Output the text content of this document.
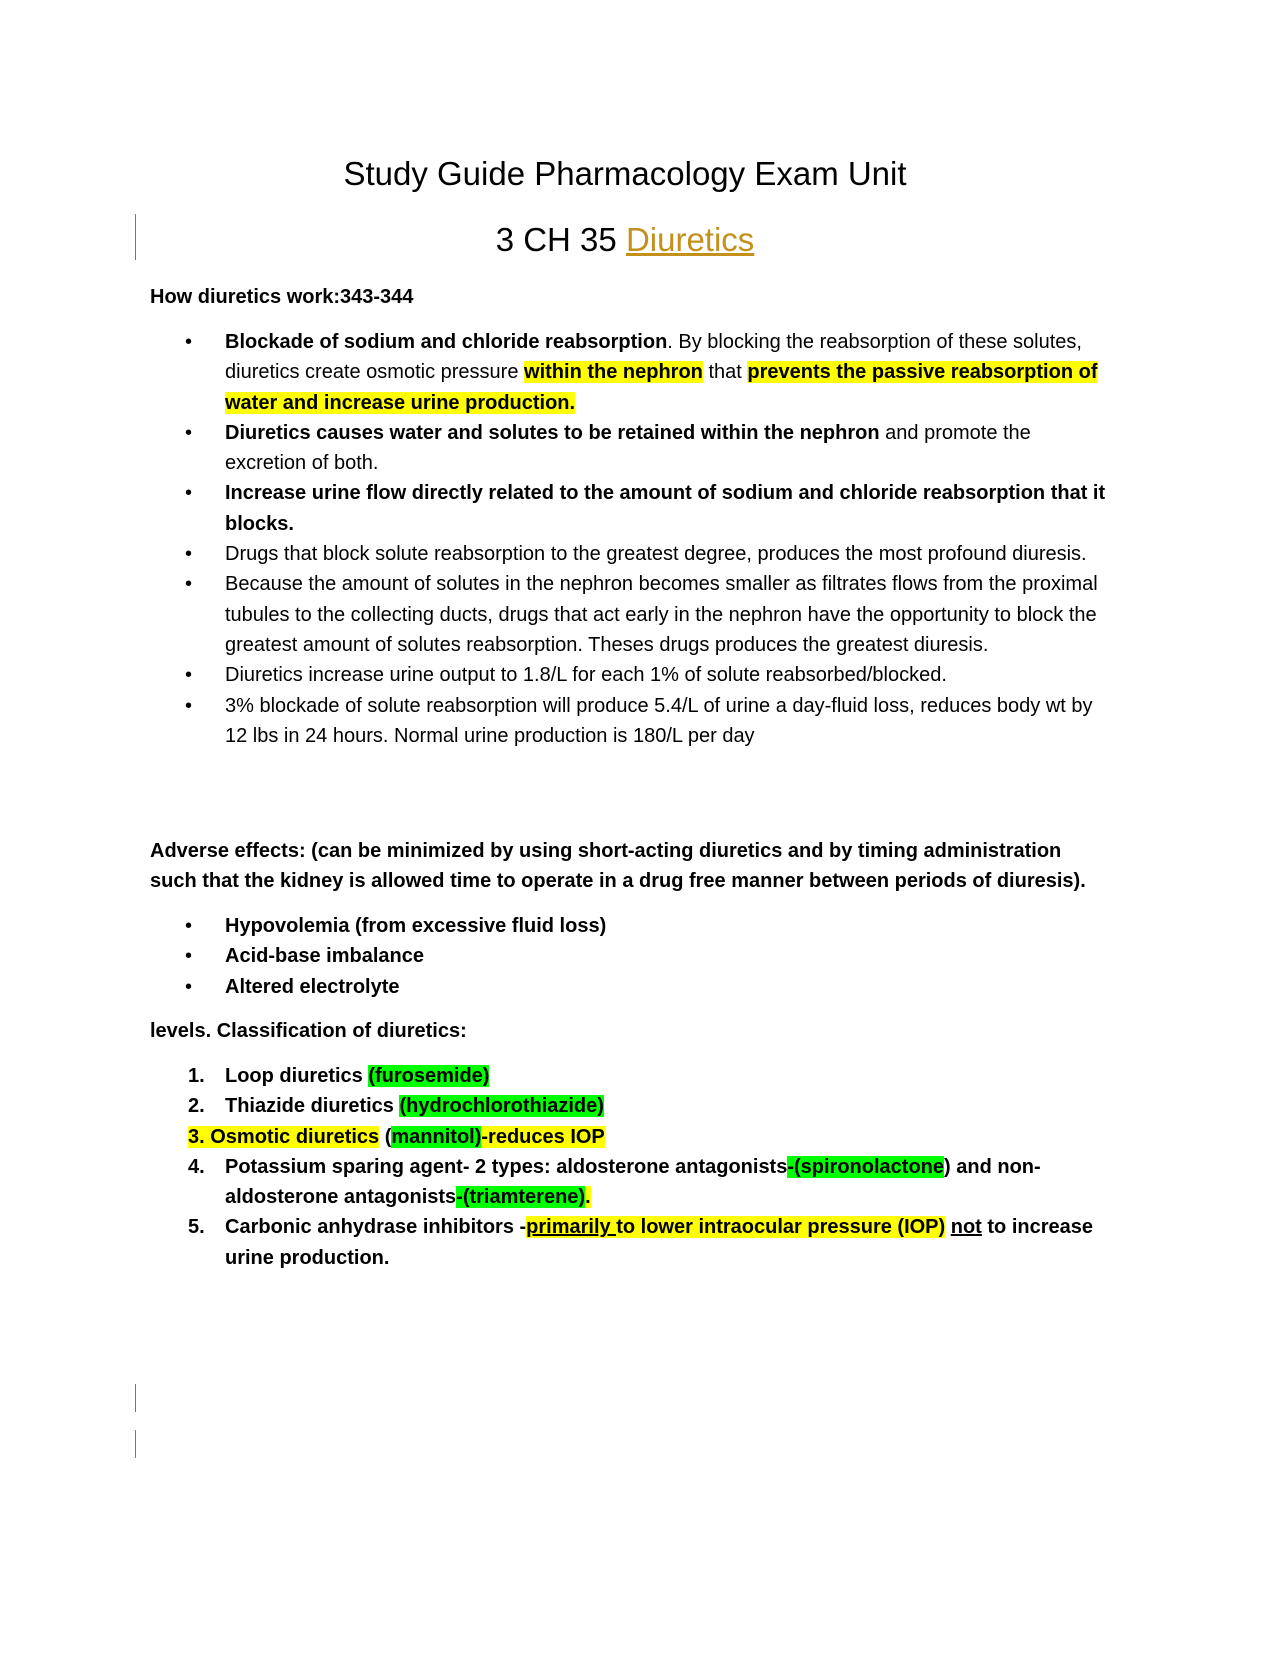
Study Guide Pharmacology Exam Unit
3 CH 35 Diuretics
How diuretics work:343-344
• Blockade of sodium and chloride reabsorption. By blocking the reabsorption of these solutes, diuretics create osmotic pressure within the nephron that prevents the passive reabsorption of water and increase urine production.
• Diuretics causes water and solutes to be retained within the nephron and promote the excretion of both.
• Increase urine flow directly related to the amount of sodium and chloride reabsorption that it blocks.
• Drugs that block solute reabsorption to the greatest degree, produces the most profound diuresis.
• Because the amount of solutes in the nephron becomes smaller as filtrates flows from the proximal tubules to the collecting ducts, drugs that act early in the nephron have the opportunity to block the greatest amount of solutes reabsorption. Theses drugs produces the greatest diuresis.
• Diuretics increase urine output to 1.8/L for each 1% of solute reabsorbed/blocked.
• 3% blockade of solute reabsorption will produce 5.4/L of urine a day-fluid loss, reduces body wt by 12 lbs in 24 hours. Normal urine production is 180/L per day
Adverse effects: (can be minimized by using short-acting diuretics and by timing administration such that the kidney is allowed time to operate in a drug free manner between periods of diuresis).
• Hypovolemia (from excessive fluid loss)
• Acid-base imbalance
• Altered electrolyte
levels. Classification of diuretics:
1. Loop diuretics (furosemide)
2. Thiazide diuretics (hydrochlorothiazide)
3. Osmotic diuretics (mannitol)-reduces IOP
4. Potassium sparing agent- 2 types: aldosterone antagonists-(spironolactone) and non- aldosterone antagonists-(triamterene).
5. Carbonic anhydrase inhibitors -primarily to lower intraocular pressure (IOP) not to increase urine production.
